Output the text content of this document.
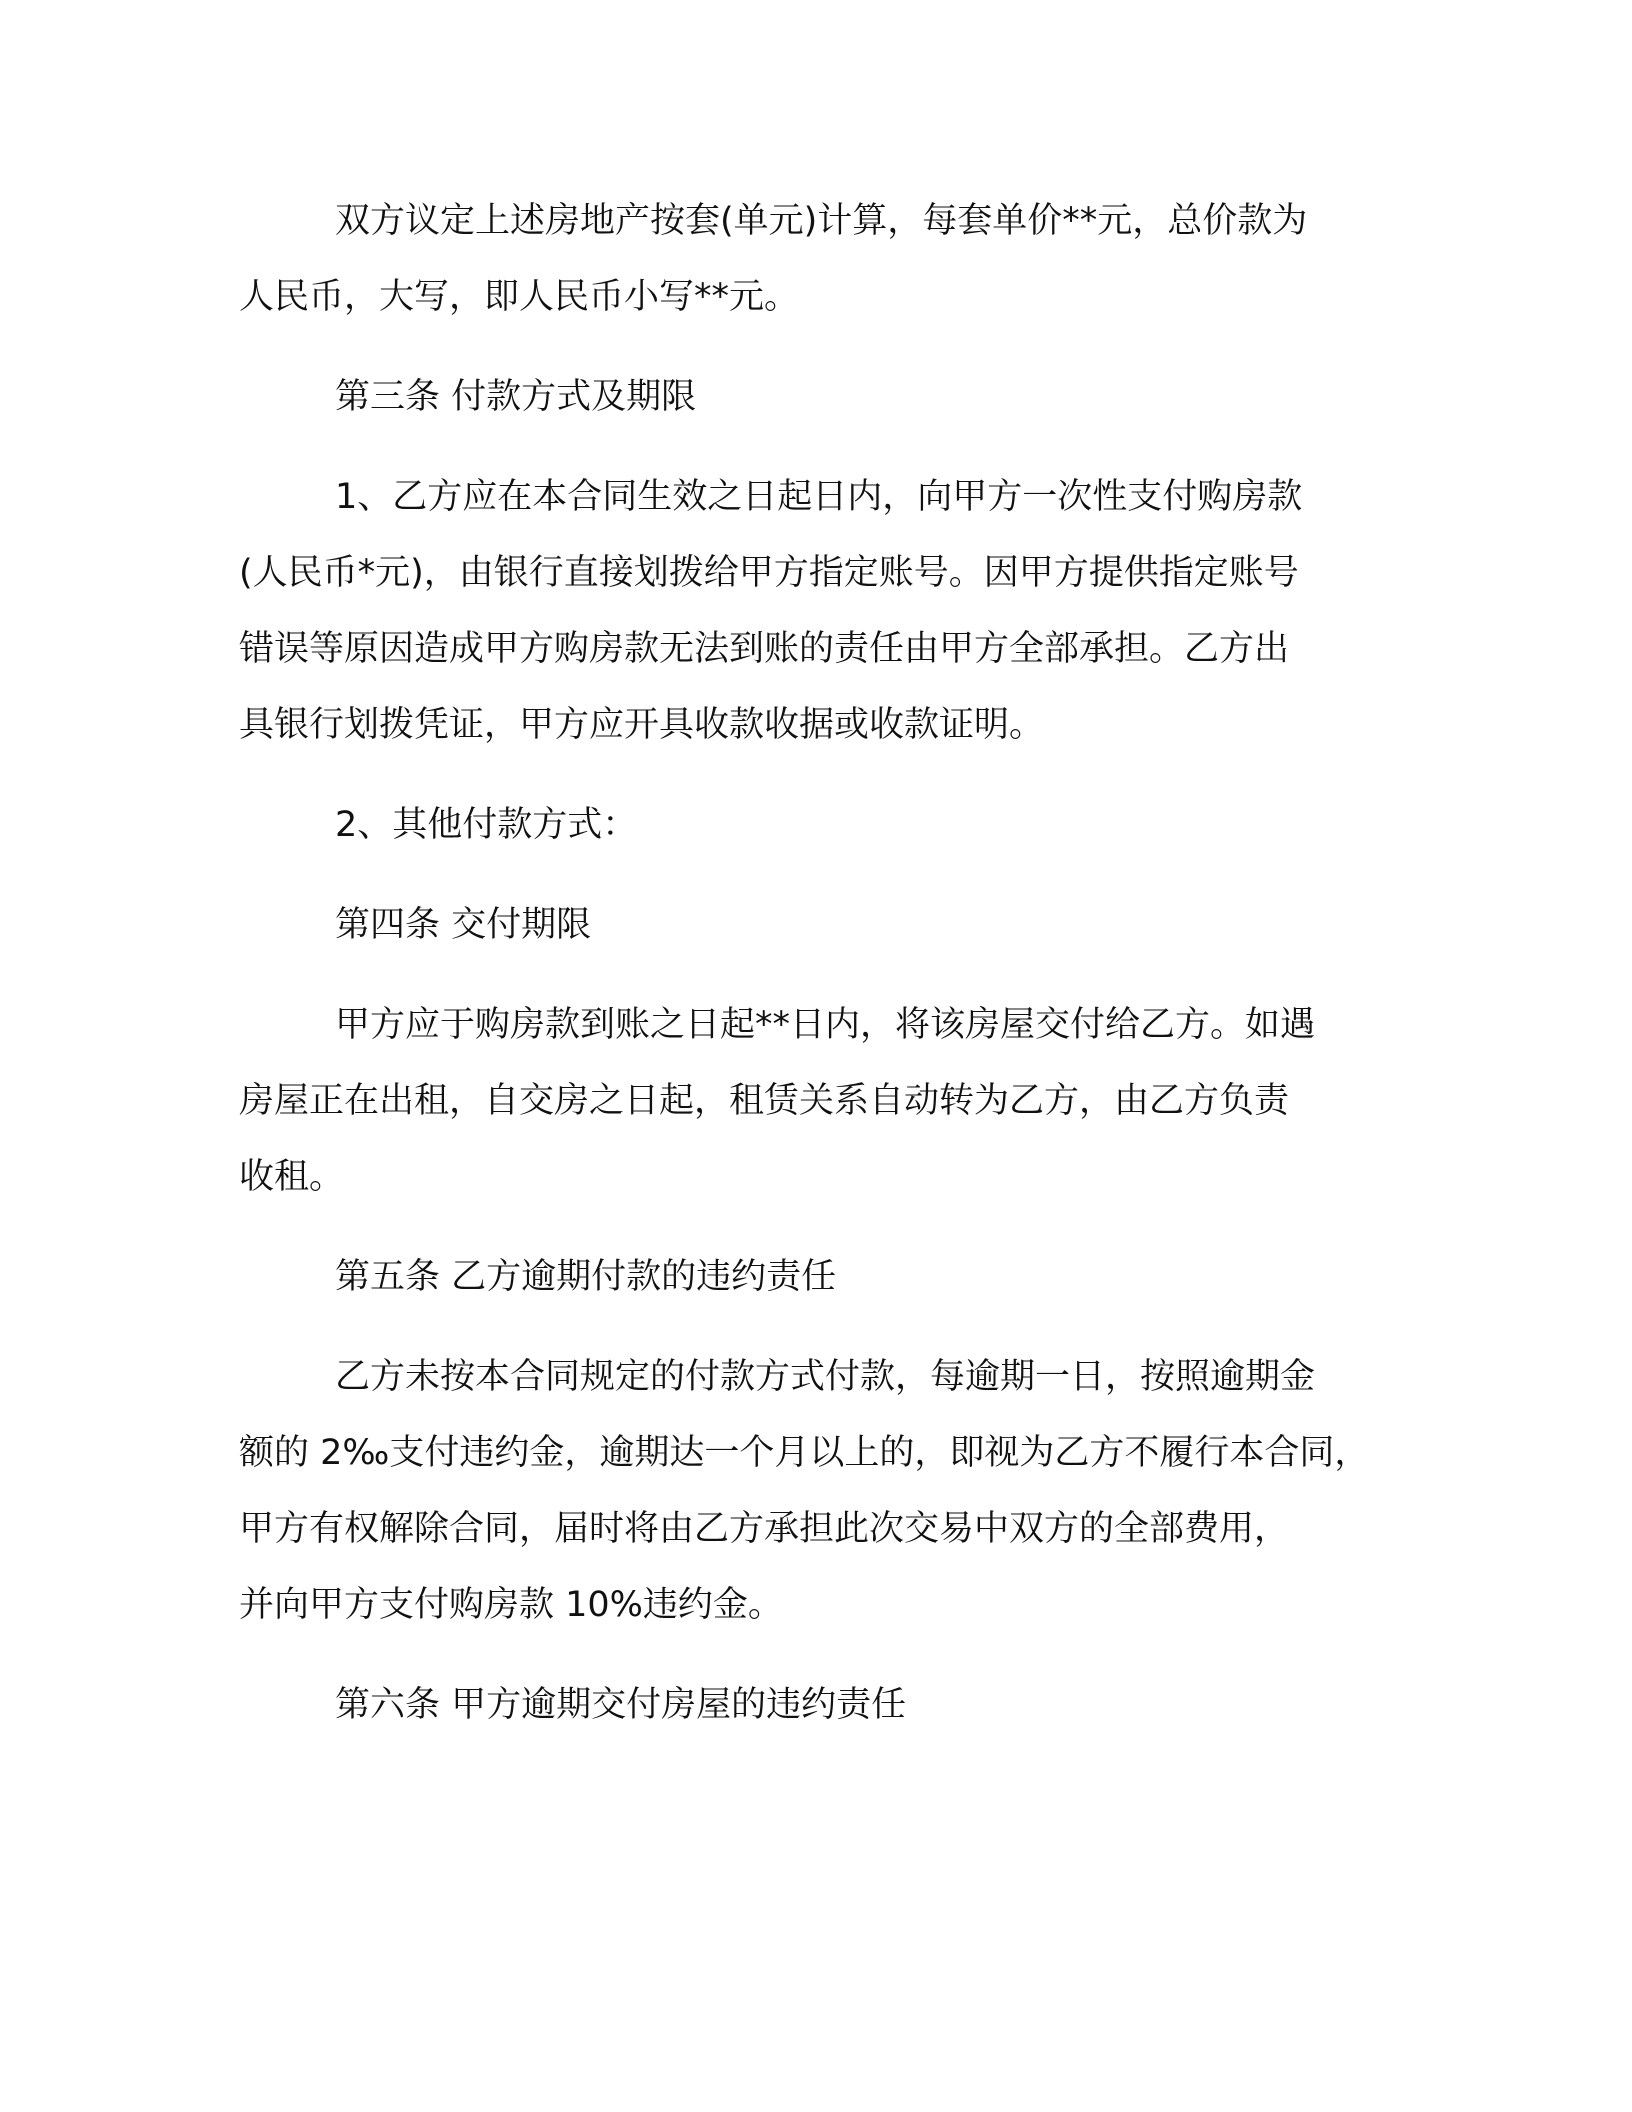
双方议定上述房地产按套(单元)计算，每套单价**元，总价款为
人民币，大写，即人民币小写**元。

第三条 付款方式及期限

1、乙方应在本合同生效之日起日内，向甲方一次性支付购房款
(人民币*元)，由银行直接划拨给甲方指定账号。因甲方提供指定账号
错误等原因造成甲方购房款无法到账的责任由甲方全部承担。乙方出
具银行划拨凭证，甲方应开具收款收据或收款证明。

2、其他付款方式：

第四条 交付期限

甲方应于购房款到账之日起**日内，将该房屋交付给乙方。如遇
房屋正在出租，自交房之日起，租赁关系自动转为乙方，由乙方负责
收租。

第五条 乙方逾期付款的违约责任

乙方未按本合同规定的付款方式付款，每逾期一日，按照逾期金
额的 2‰支付违约金，逾期达一个月以上的，即视为乙方不履行本合同，
甲方有权解除合同，届时将由乙方承担此次交易中双方的全部费用，
并向甲方支付购房款 10%违约金。

第六条 甲方逾期交付房屋的违约责任
